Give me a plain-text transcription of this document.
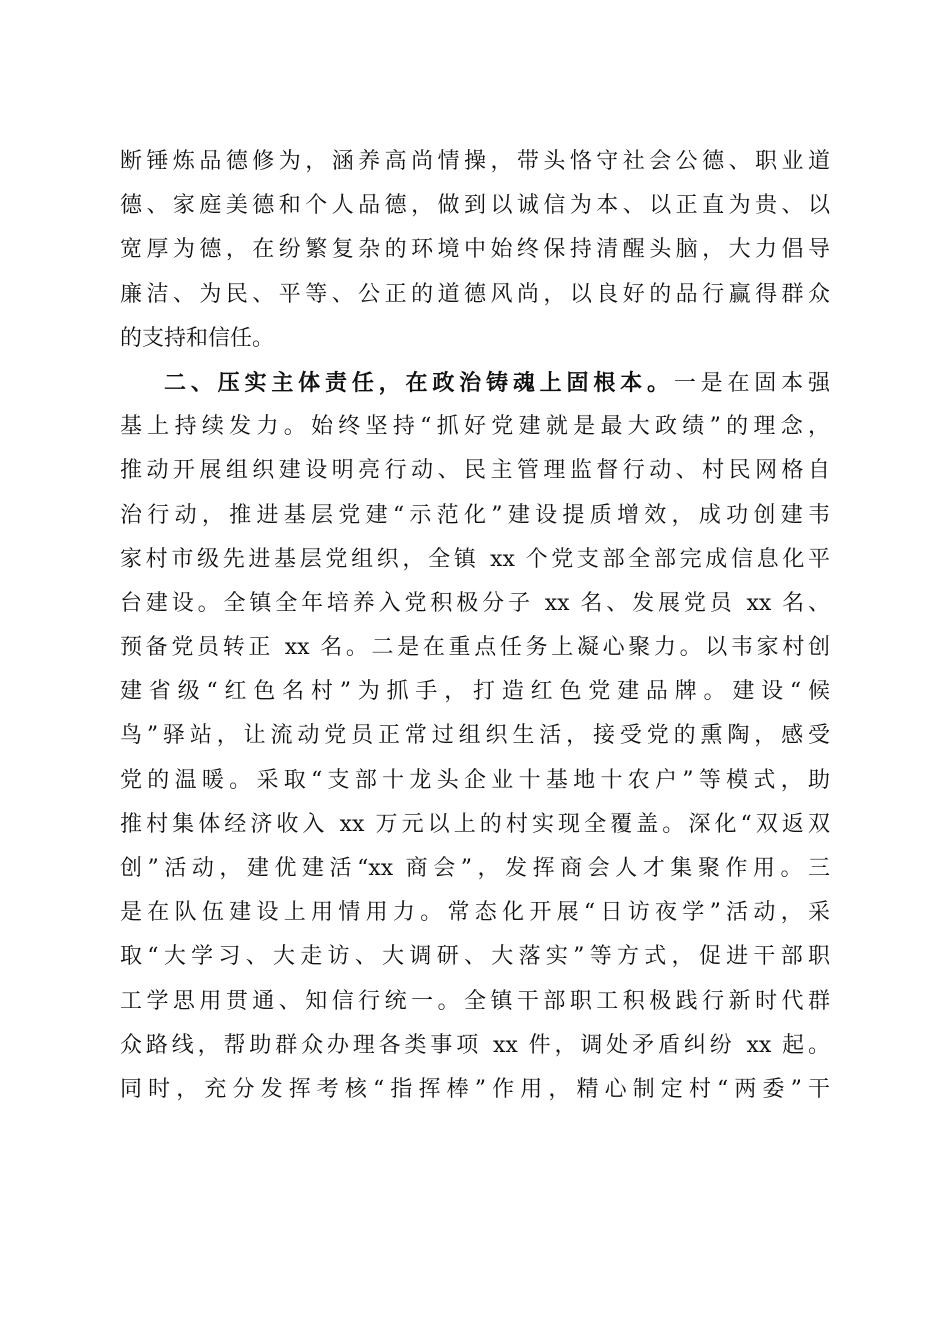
断锤炼品德修为，涵养高尚情操，带头恪守社会公德、职业道
德、家庭美德和个人品德，做到以诚信为本、以正直为贵、以
宽厚为德，在纷繁复杂的环境中始终保持清醒头脑，大力倡导
廉洁、为民、平等、公正的道德风尚，以良好的品行赢得群众
的支持和信任。
二、压实主体责任，在政治铸魂上固根本。一是在固本强
基上持续发力。始终坚持“抓好党建就是最大政绩”的理念，
推动开展组织建设明亮行动、民主管理监督行动、村民网格自
治行动，推进基层党建“示范化”建设提质增效，成功创建韦
家村市级先进基层党组织，全镇 xx 个党支部全部完成信息化平
台建设。全镇全年培养入党积极分子 xx 名、发展党员 xx 名、
预备党员转正 xx 名。二是在重点任务上凝心聚力。以韦家村创
建省级“红色名村”为抓手，打造红色党建品牌。建设“候
鸟”驿站，让流动党员正常过组织生活，接受党的熏陶，感受
党的温暖。采取“支部十龙头企业十基地十农户”等模式，助
推村集体经济收入 xx 万元以上的村实现全覆盖。深化“双返双
创”活动，建优建活“xx 商会”，发挥商会人才集聚作用。三
是在队伍建设上用情用力。常态化开展“日访夜学”活动，采
取“大学习、大走访、大调研、大落实”等方式，促进干部职
工学思用贯通、知信行统一。全镇干部职工积极践行新时代群
众路线，帮助群众办理各类事项 xx 件，调处矛盾纠纷 xx 起。
同时，充分发挥考核“指挥棒”作用，精心制定村“两委”干
